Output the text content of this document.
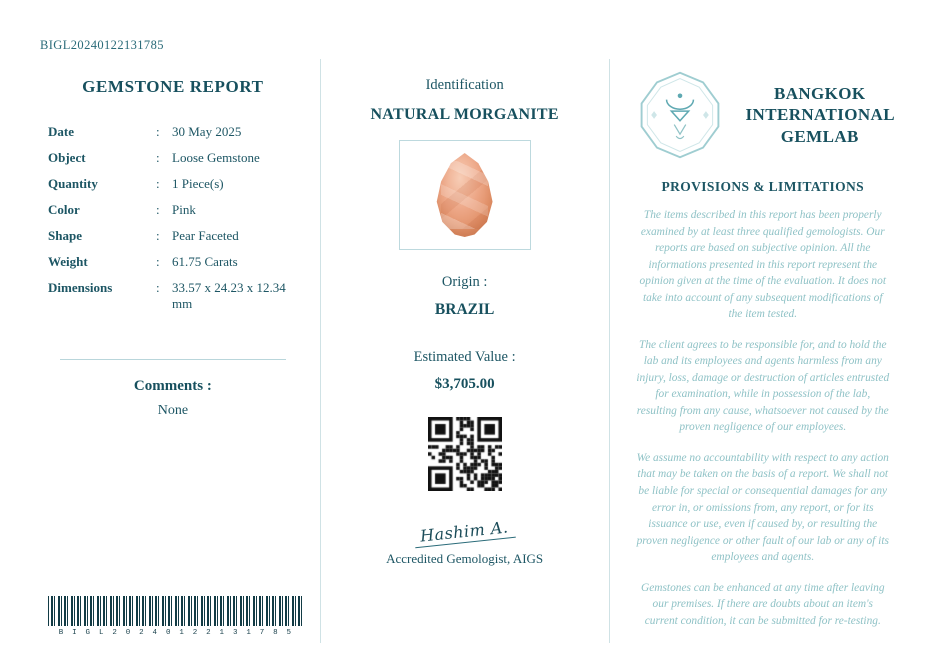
BIGL20240122131785
GEMSTONE REPORT
Date	:	30 May 2025
Object	:	Loose Gemstone
Quantity	:	1 Piece(s)
Color	:	Pink
Shape	:	Pear Faceted
Weight	:	61.75 Carats
Dimensions	:	33.57 x 24.23 x 12.34 mm
Comments :
None
B I G L 2 0 2 4 0 1 2 2 1 3 1 7 8 5
Identification
NATURAL MORGANITE
Origin :
BRAZIL
Estimated Value :
$3,705.00
Hashim A.
Accredited Gemologist, AIGS
BANGKOK INTERNATIONAL GEMLAB
PROVISIONS & LIMITATIONS

The items described in this report has been properly examined by at least three qualified gemologists. Our reports are based on subjective opinion. All the informations presented in this report represent the opinion given at the time of the evaluation. It does not take into account of any subsequent modifications of the item tested.

The client agrees to be responsible for, and to hold the lab and its employees and agents harmless from any injury, loss, damage or destruction of articles entrusted for examination, while in possession of the lab, resulting from any cause, whatsoever not caused by the proven negligence of our employees.

We assume no accountability with respect to any action that may be taken on the basis of a report. We shall not be liable for special or consequential damages for any error in, or omissions from, any report, or for its issuance or use, even if caused by, or resulting the proven negligence or other fault of our lab or any of its employees and agents.

Gemstones can be enhanced at any time after leaving our premises. If there are doubts about an item's current condition, it can be submitted for re-testing.
